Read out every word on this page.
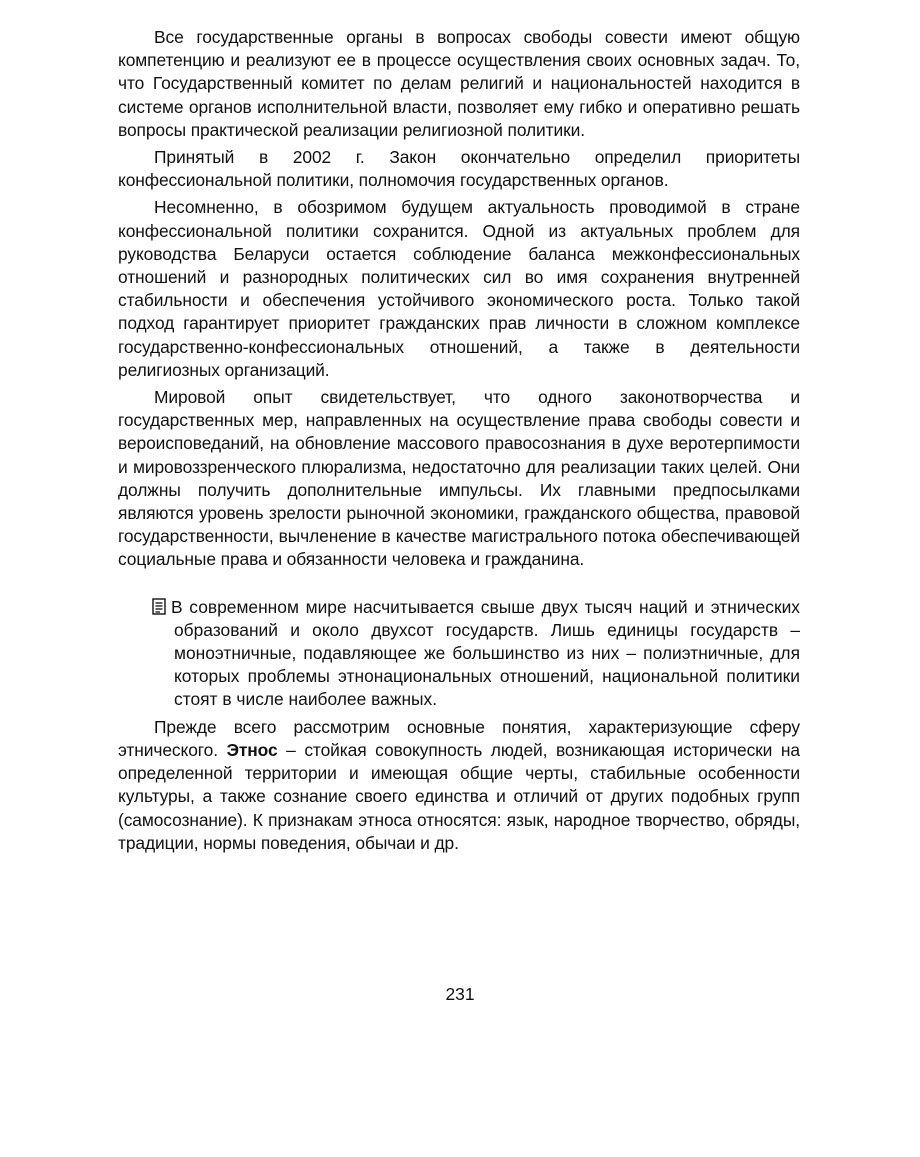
Все государственные органы в вопросах свободы совести имеют общую компетенцию и реализуют ее в процессе осуществления своих основных задач. То, что Государственный комитет по делам религий и национальностей находится в системе органов исполнительной власти, позволяет ему гибко и оперативно решать вопросы практической реализации религиозной политики.

Принятый в 2002 г. Закон окончательно определил приоритеты конфессиональной политики, полномочия государственных органов.

Несомненно, в обозримом будущем актуальность проводимой в стране конфессиональной политики сохранится. Одной из актуальных проблем для руководства Беларуси остается соблюдение баланса межконфессиональных отношений и разнородных политических сил во имя сохранения внутренней стабильности и обеспечения устойчивого экономического роста. Только такой подход гарантирует приоритет гражданских прав личности в сложном комплексе государственно-конфессиональных отношений, а также в деятельности религиозных организаций.

Мировой опыт свидетельствует, что одного законотворчества и государственных мер, направленных на осуществление права свободы совести и вероисповеданий, на обновление массового правосознания в духе веротерпимости и мировоззренческого плюрализма, недостаточно для реализации таких целей. Они должны получить дополнительные импульсы. Их главными предпосылками являются уровень зрелости рыночной экономики, гражданского общества, правовой государственности, вычленение в качестве магистрального потока обеспечивающей социальные права и обязанности человека и гражданина.

В современном мире насчитывается свыше двух тысяч наций и этнических образований и около двухсот государств. Лишь единицы государств – моноэтничные, подавляющее же большинство из них – полиэтничные, для которых проблемы этнонациональных отношений, национальной политики стоят в числе наиболее важных.

Прежде всего рассмотрим основные понятия, характеризующие сферу этнического. Этнос – стойкая совокупность людей, возникающая исторически на определенной территории и имеющая общие черты, стабильные особенности культуры, а также сознание своего единства и отличий от других подобных групп (самосознание). К признакам этноса относятся: язык, народное творчество, обряды, традиции, нормы поведения, обычаи и др.

231
